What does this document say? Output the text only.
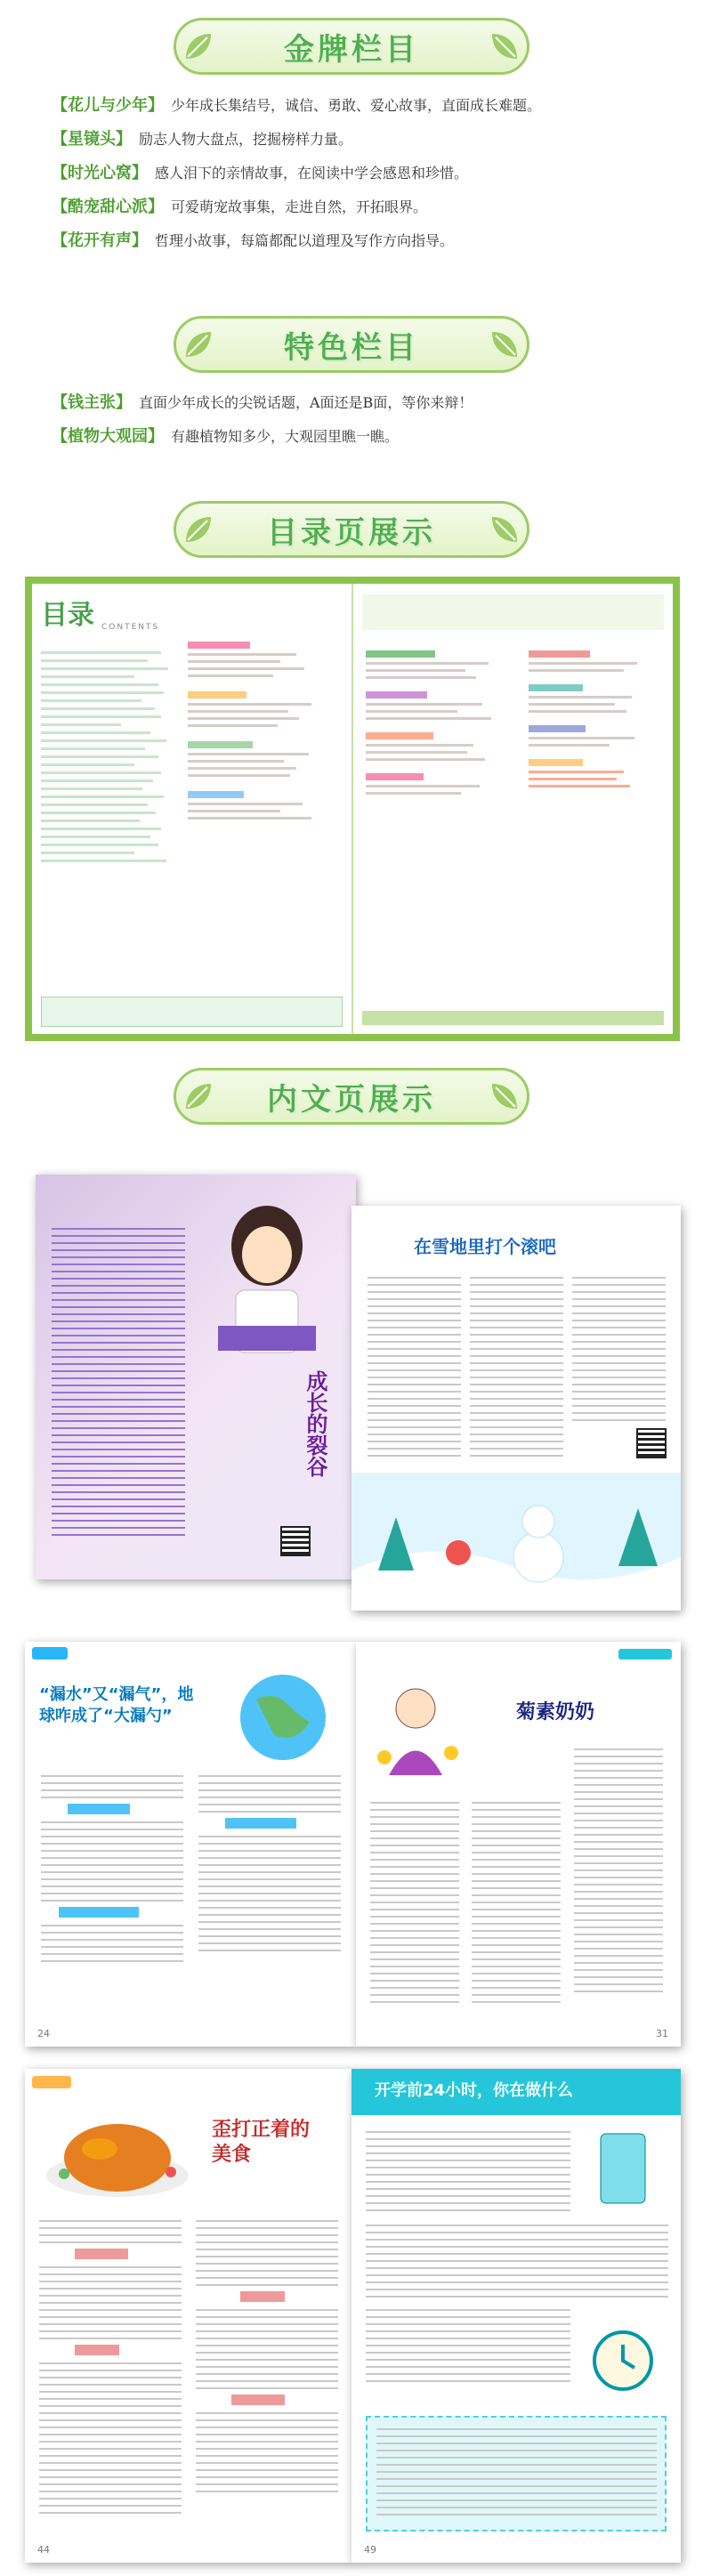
金牌栏目
【花儿与少年】 少年成长集结号，诚信、勇敢、爱心故事，直面成长难题。
【星镜头】 励志人物大盘点，挖掘榜样力量。
【时光心窝】 感人泪下的亲情故事，在阅读中学会感恩和珍惜。
【酷宠甜心派】 可爱萌宠故事集，走进自然，开拓眼界。
【花开有声】 哲理小故事，每篇都配以道理及写作方向指导。
特色栏目
【钱主张】 直面少年成长的尖锐话题，A面还是B面，等你来辩！
【植物大观园】 有趣植物知多少，大观园里瞧一瞧。
目录页展示
目录 CONTENTS
内文页展示
成长的裂谷
在雪地里打个滚吧
“漏水”又“漏气”，地球咋成了“大漏勺”
24
菊素奶奶
31
歪打正着的美食
44
开学前24小时，你在做什么
49
